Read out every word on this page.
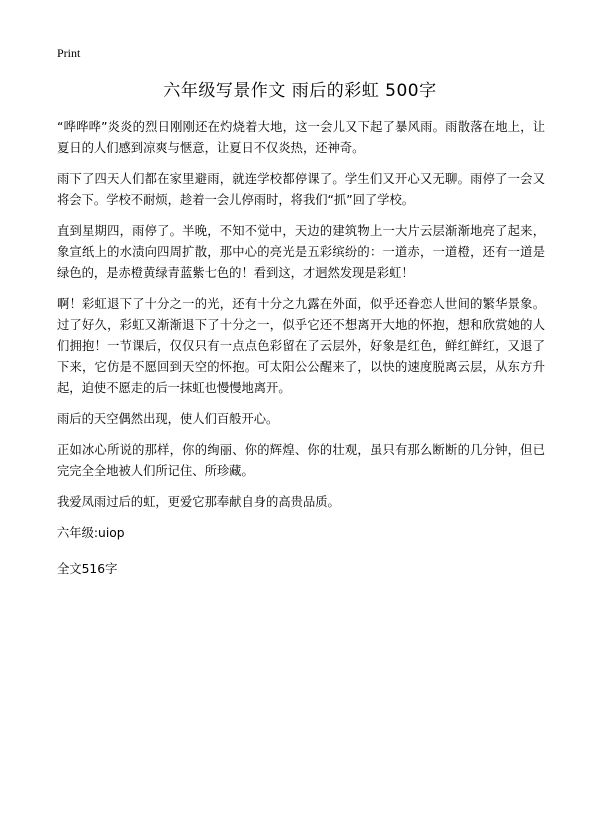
Print
六年级写景作文 雨后的彩虹 500字

“哗哗哗”炎炎的烈日刚刚还在灼烧着大地，这一会儿又下起了暴风雨。雨散落在地上，让夏日的人们感到凉爽与惬意，让夏日不仅炎热，还神奇。

雨下了四天人们都在家里避雨，就连学校都停课了。学生们又开心又无聊。雨停了一会又将会下。学校不耐烦，趁着一会儿停雨时，将我们“抓”回了学校。

直到星期四，雨停了。半晚，不知不觉中，天边的建筑物上一大片云层渐渐地亮了起来，象宣纸上的水渍向四周扩散，那中心的亮光是五彩缤纷的：一道赤，一道橙，还有一道是绿色的，是赤橙黄绿青蓝紫七色的！看到这，才迥然发现是彩虹！

啊！彩虹退下了十分之一的光，还有十分之九露在外面，似乎还眷恋人世间的繁华景象。过了好久，彩虹又渐渐退下了十分之一，似乎它还不想离开大地的怀抱，想和欣赏她的人们拥抱！一节课后，仅仅只有一点点色彩留在了云层外，好象是红色，鲜红鲜红，又退了下来，它仿是不愿回到天空的怀抱。可太阳公公醒来了，以快的速度脱离云层，从东方升起，迫使不愿走的后一抹虹也慢慢地离开。

雨后的天空偶然出现，使人们百般开心。

正如冰心所说的那样，你的绚丽、你的辉煌、你的壮观，虽只有那么断断的几分钟，但已完完全全地被人们所记住、所珍藏。

我爱凤雨过后的虹，更爱它那奉献自身的高贵品质。

六年级:uiop
全文516字
